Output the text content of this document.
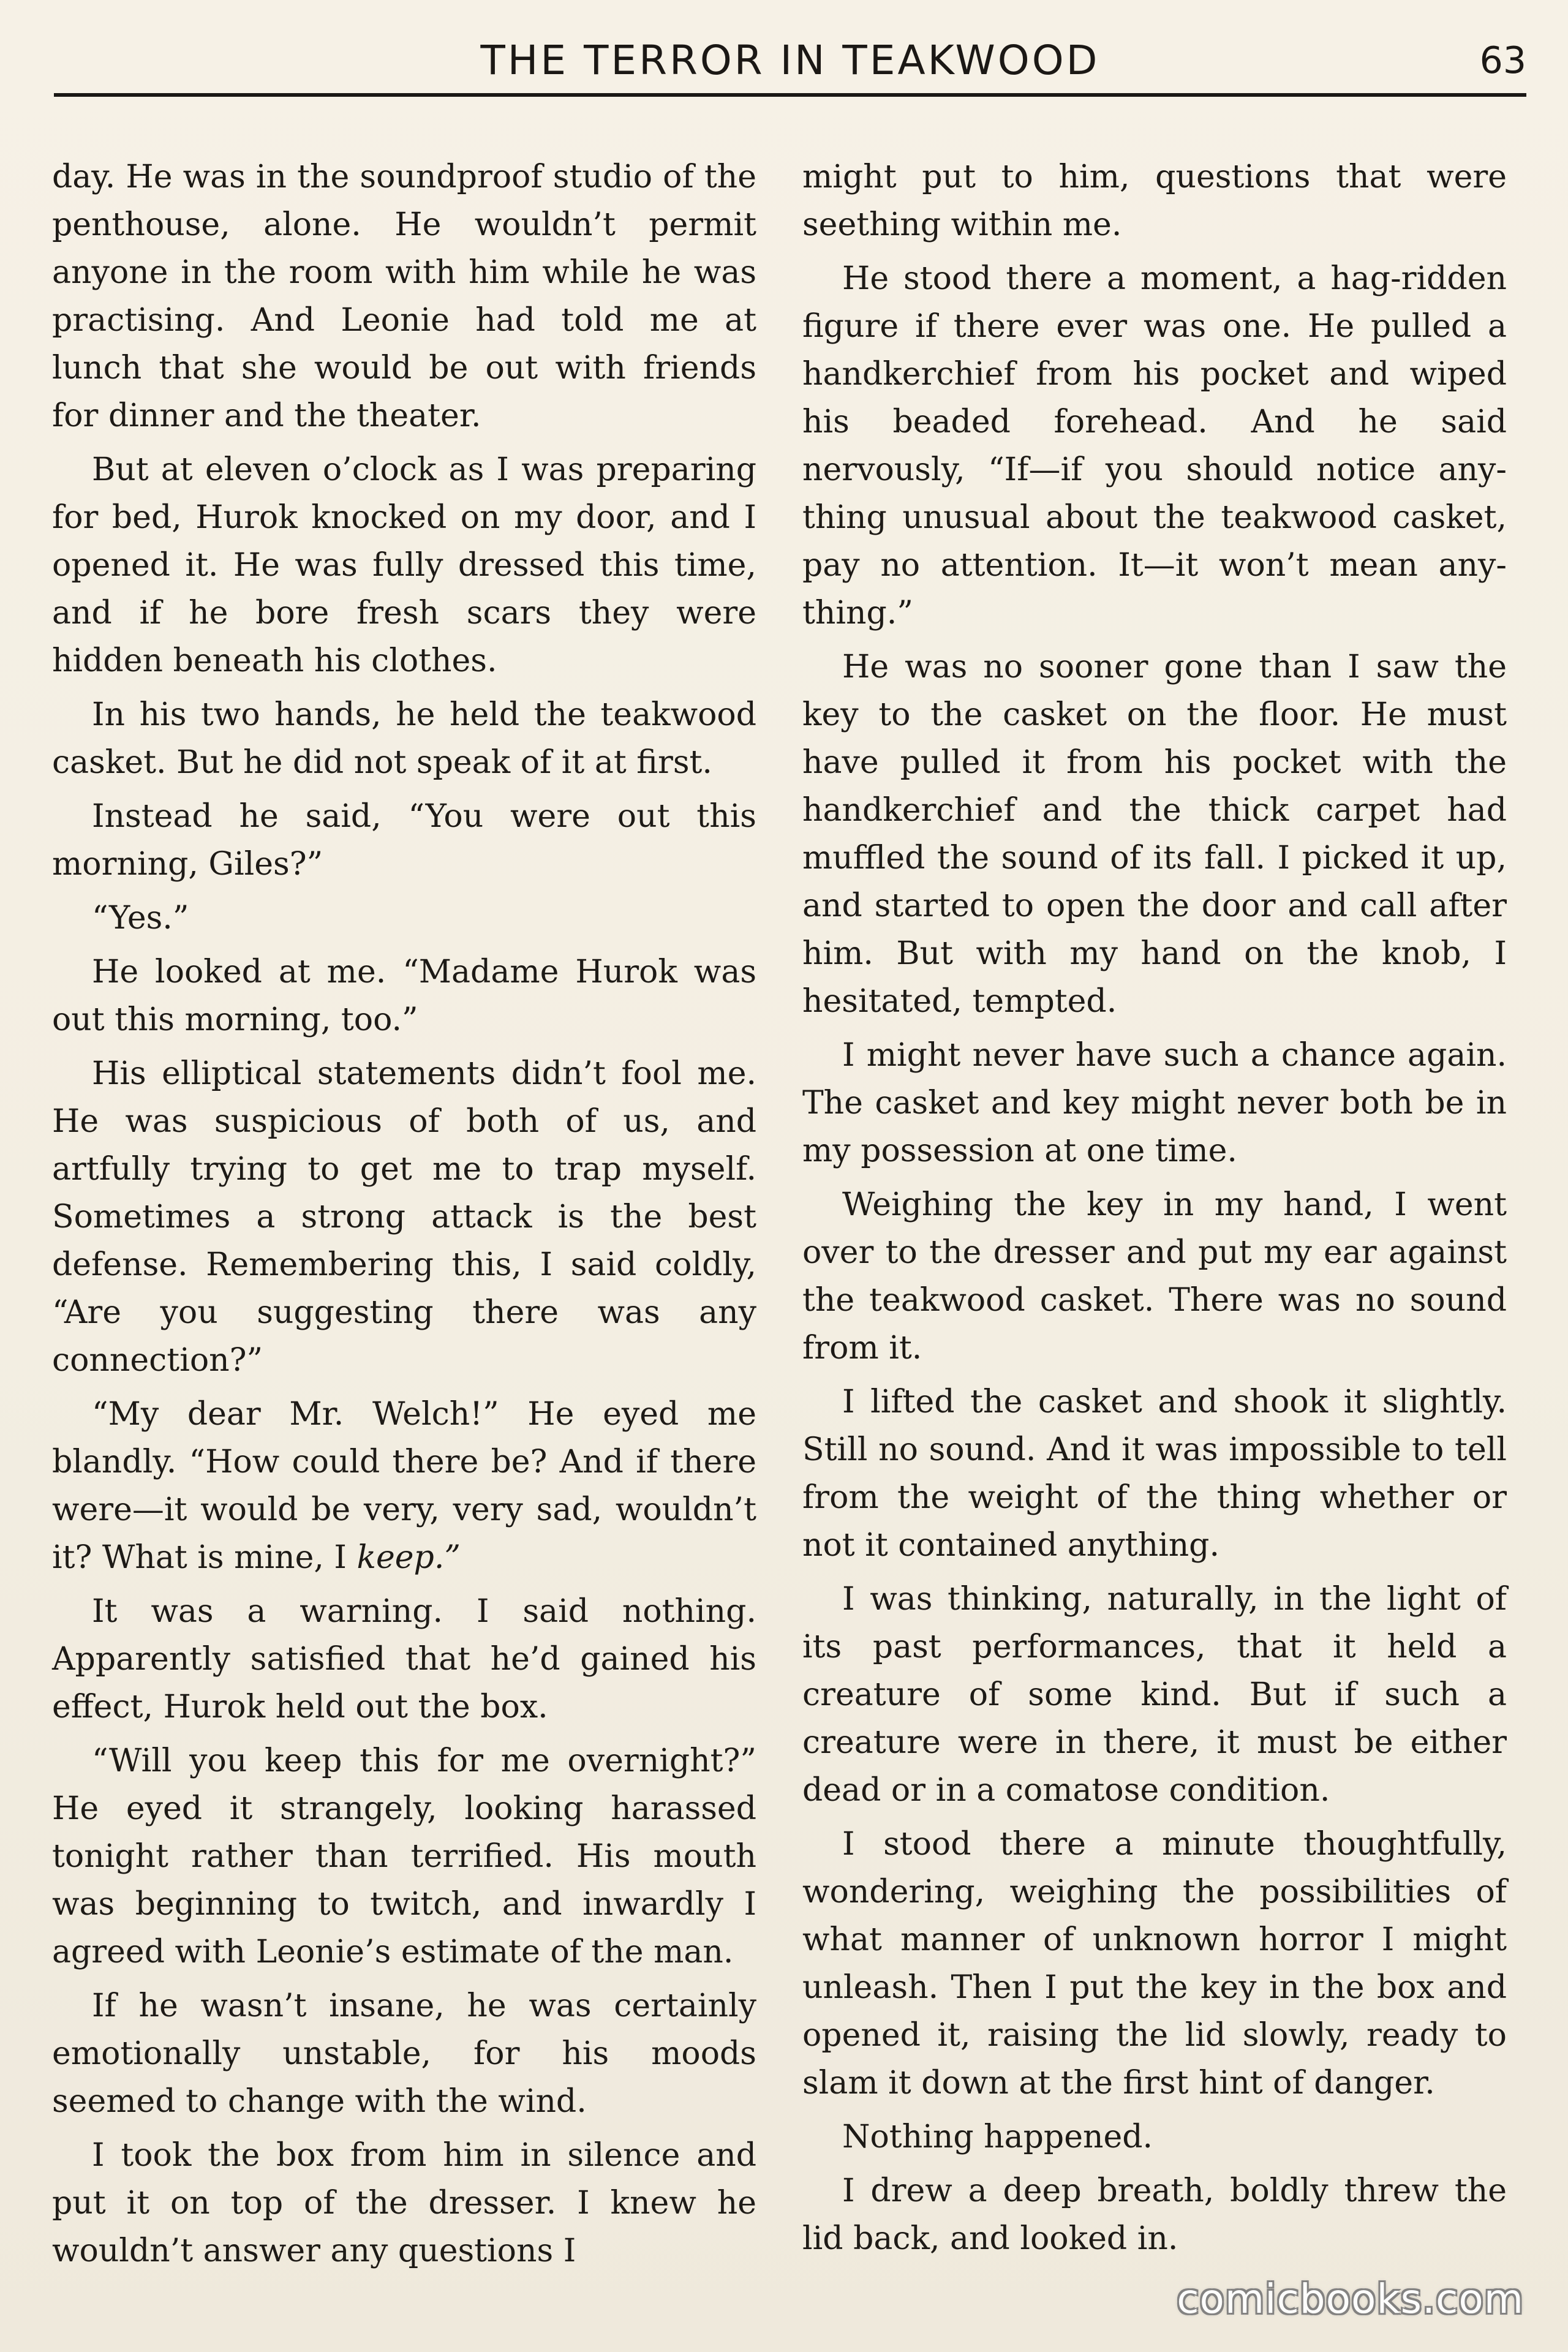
THE TERROR IN TEAKWOOD	63

day. He was in the soundproof studio of the penthouse, alone. He wouldn’t permit anyone in the room with him while he was practising. And Leonie had told me at lunch that she would be out with friends for dinner and the theater.

But at eleven o’clock as I was preparing for bed, Hurok knocked on my door, and I opened it. He was fully dressed this time, and if he bore fresh scars they were hidden beneath his clothes.

In his two hands, he held the teakwood casket. But he did not speak of it at first.

Instead he said, “You were out this morning, Giles?”

“Yes.”

He looked at me. “Madame Hurok was out this morning, too.”

His elliptical statements didn’t fool me. He was suspicious of both of us, and artfully trying to get me to trap myself. Sometimes a strong attack is the best defense. Remembering this, I said coldly, “Are you suggesting there was any connection?”

“My dear Mr. Welch!” He eyed me blandly. “How could there be? And if there were—it would be very, very sad, wouldn’t it? What is mine, I keep.”

It was a warning. I said nothing. Apparently satisfied that he’d gained his effect, Hurok held out the box.

“Will you keep this for me overnight?” He eyed it strangely, looking harassed tonight rather than terrified. His mouth was beginning to twitch, and inwardly I agreed with Leonie’s estimate of the man.

If he wasn’t insane, he was certainly emotionally unstable, for his moods seemed to change with the wind.

I took the box from him in silence and put it on top of the dresser. I knew he wouldn’t answer any questions I

might put to him, questions that were seething within me.

He stood there a moment, a hag-ridden figure if there ever was one. He pulled a handkerchief from his pocket and wiped his beaded forehead. And he said nervously, “If—if you should notice anything unusual about the teakwood casket, pay no attention. It—it won’t mean anything.”

He was no sooner gone than I saw the key to the casket on the floor. He must have pulled it from his pocket with the handkerchief and the thick carpet had muffled the sound of its fall. I picked it up, and started to open the door and call after him. But with my hand on the knob, I hesitated, tempted.

I might never have such a chance again. The casket and key might never both be in my possession at one time.

Weighing the key in my hand, I went over to the dresser and put my ear against the teakwood casket. There was no sound from it.

I lifted the casket and shook it slightly. Still no sound. And it was impossible to tell from the weight of the thing whether or not it contained anything.

I was thinking, naturally, in the light of its past performances, that it held a creature of some kind. But if such a creature were in there, it must be either dead or in a comatose condition.

I stood there a minute thoughtfully, wondering, weighing the possibilities of what manner of unknown horror I might unleash. Then I put the key in the box and opened it, raising the lid slowly, ready to slam it down at the first hint of danger.

Nothing happened.

I drew a deep breath, boldly threw the lid back, and looked in.

comicbooks.com
